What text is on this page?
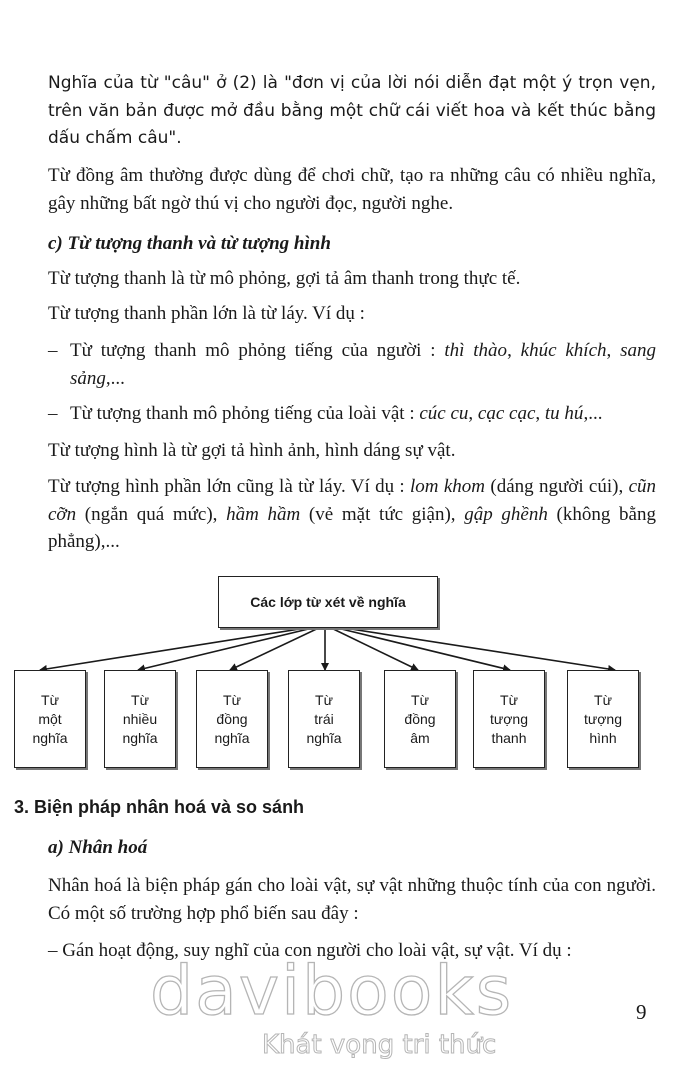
Nghĩa của từ "câu" ở (2) là "đơn vị của lời nói diễn đạt một ý trọn vẹn, trên văn bản được mở đầu bằng một chữ cái viết hoa và kết thúc bằng dấu chấm câu".

Từ đồng âm thường được dùng để chơi chữ, tạo ra những câu có nhiều nghĩa, gây những bất ngờ thú vị cho người đọc, người nghe.

c) Từ tượng thanh và từ tượng hình

Từ tượng thanh là từ mô phỏng, gợi tả âm thanh trong thực tế.

Từ tượng thanh phần lớn là từ láy. Ví dụ :

– Từ tượng thanh mô phỏng tiếng của người : thì thào, khúc khích, sang sảng,...
– Từ tượng thanh mô phỏng tiếng của loài vật : cúc cu, cạc cạc, tu hú,...

Từ tượng hình là từ gợi tả hình ảnh, hình dáng sự vật.

Từ tượng hình phần lớn cũng là từ láy. Ví dụ : lom khom (dáng người cúi), cũn cỡn (ngắn quá mức), hầm hầm (vẻ mặt tức giận), gập ghềnh (không bằng phẳng),...

Các lớp từ xét về nghĩa
Từ
một
nghĩa
Từ
nhiều
nghĩa
Từ
đồng
nghĩa
Từ
trái
nghĩa
Từ
đồng
âm
Từ
tượng
thanh
Từ
tượng
hình

3. Biện pháp nhân hoá và so sánh

a) Nhân hoá

Nhân hoá là biện pháp gán cho loài vật, sự vật những thuộc tính của con người. Có một số trường hợp phổ biến sau đây :

– Gán hoạt động, suy nghĩ của con người cho loài vật, sự vật. Ví dụ :

davibooks
Khát vọng tri thức
9
